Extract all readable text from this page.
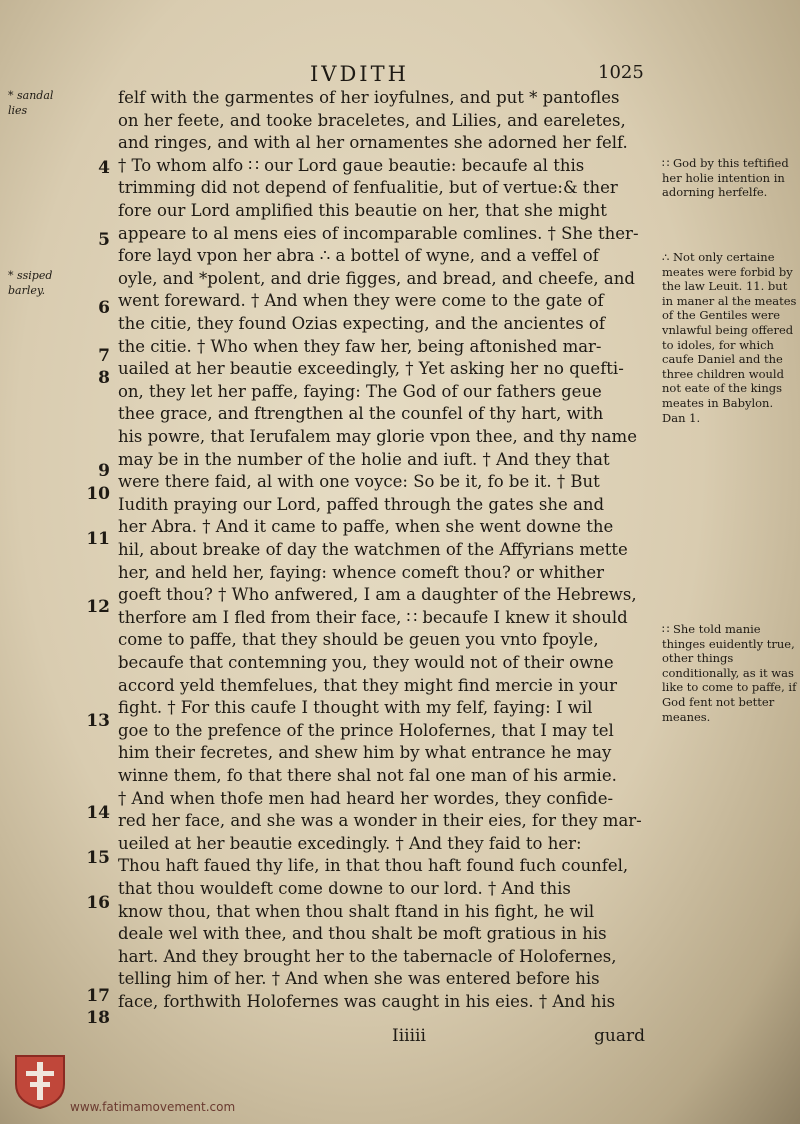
IVDITH	1025
* sandal lies
* ssiped barley.
4
5
6
7
8
9
10
11
12
13
14
15
16
17
18
felf with the garmentes of her ioyfulnes, and put * pantofles
on her feete, and tooke braceletes, and Lilies, and eareletes,
and ringes, and with al her ornamentes she adorned her felf.
† To whom alfo ∷ our Lord gaue beautie: becaufe al this
trimming did not depend of fenfualitie, but of vertue:& ther
fore our Lord amplified this beautie on her, that she might
appeare to al mens eies of incomparable comlines. † She ther-
fore layd vpon her abra ∴ a bottel of wyne, and a veffel of
oyle, and *polent, and drie figges, and bread, and cheefe, and
went foreward. † And when they were come to the gate of
the citie, they found Ozias expecting, and the ancientes of
the citie. † Who when they faw her, being aftonished mar-
uailed at her beautie exceedingly, † Yet asking her no quefti-
on, they let her paffe, faying: The God of our fathers geue
thee grace, and ftrengthen al the counfel of thy hart, with
his powre, that Ierufalem may glorie vpon thee, and thy name
may be in the number of the holie and iuft. † And they that
were there faid, al with one voyce: So be it, fo be it. † But
Iudith praying our Lord, paffed through the gates she and
her Abra. † And it came to paffe, when she went downe the
hil, about breake of day the watchmen of the Affyrians mette
her, and held her, faying: whence comeft thou? or whither
goeft thou? † Who anfwered, I am a daughter of the Hebrews,
therfore am I fled from their face, ∷ becaufe I knew it should
come to paffe, that they should be geuen you vnto fpoyle,
becaufe that contemning you, they would not of their owne
accord yeld themfelues, that they might find mercie in your
fight. † For this caufe I thought with my felf, faying: I wil
goe to the prefence of the prince Holofernes, that I may tel
him their fecretes, and shew him by what entrance he may
winne them, fo that there shal not fal one man of his armie.
† And when thofe men had heard her wordes, they confide-
red her face, and she was a wonder in their eies, for they mar-
ueiled at her beautie excedingly. † And they faid to her:
Thou haft faued thy life, in that thou haft found fuch counfel,
that thou wouldeft come downe to our lord. † And this
know thou, that when thou shalt ftand in his fight, he wil
deale wel with thee, and thou shalt be moft gratious in his
hart. And they brought her to the tabernacle of Holofernes,
telling him of her. † And when she was entered before his
face, forthwith Holofernes was caught in his eies. † And his
∷ God by this teftified her holie intention in adorning herfelfe.
∴ Not only certaine meates were forbid by the law Leuit. 11. but in maner al the meates of the Gentiles were vnlawful being offered to idoles, for which caufe Daniel and the three children would not eate of the kings meates in Babylon. Dan 1.
∷ She told manie thinges euidently true, other things conditionally, as it was like to come to paffe, if God fent not better meanes.
Iiiiii	guard
www.fatimamovement.com
